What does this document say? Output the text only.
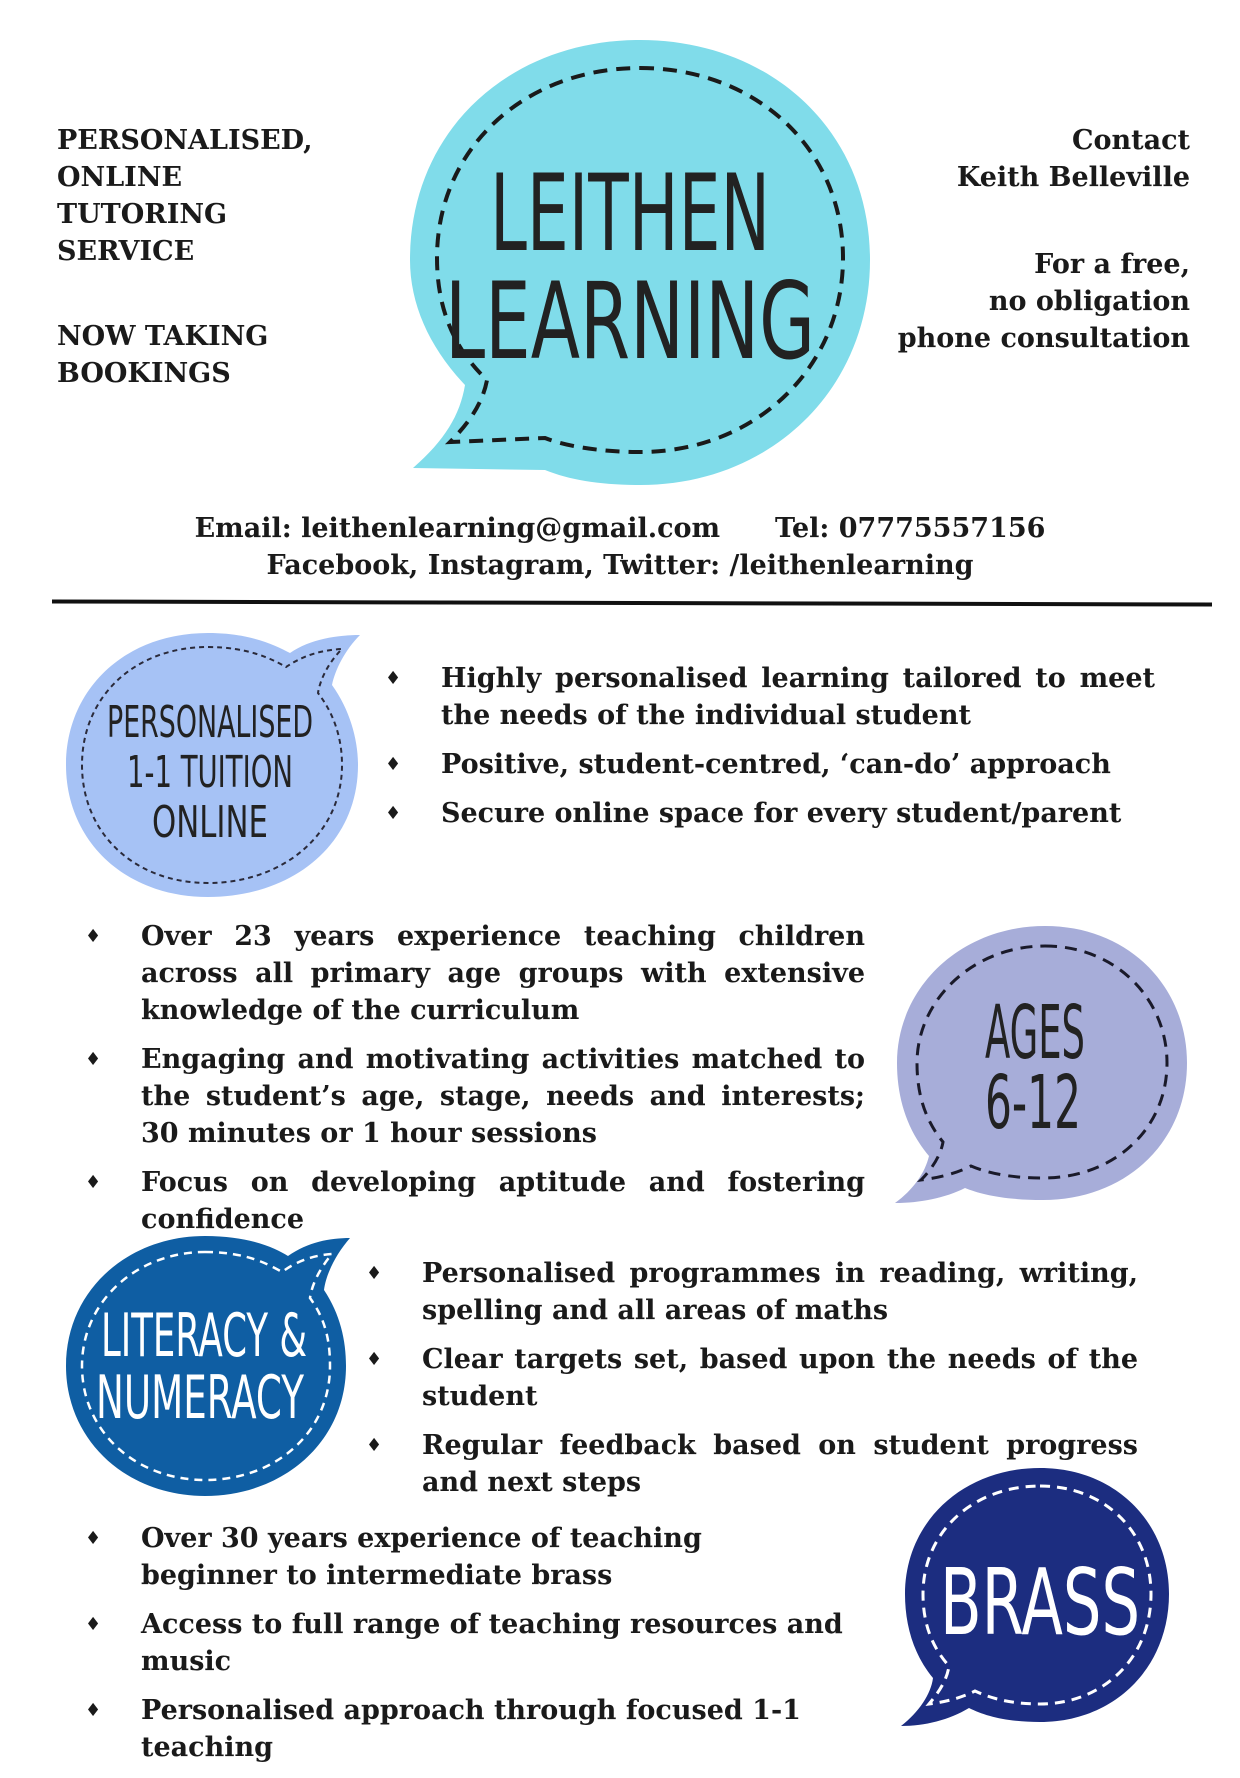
PERSONALISED,
ONLINE
TUTORING
SERVICE
NOW TAKING
BOOKINGS
Contact
Keith Belleville
For a free,
no obligation
phone consultation
LEITHEN
LEARNING
Email: leithenlearning@gmail.com Tel: 07775557156
Facebook, Instagram, Twitter: /leithenlearning
PERSONALISED
1-1 TUITION
ONLINE
♦ Highly personalised learning tailored to meet the needs of the individual student
♦ Positive, student-centred, ‘can-do’ approach
♦ Secure online space for every student/parent
♦ Over 23 years experience teaching children across all primary age groups with extensive knowledge of the curriculum
♦ Engaging and motivating activities matched to the student’s age, stage, needs and interests; 30 minutes or 1 hour sessions
♦ Focus on developing aptitude and fostering confidence
AGES
6-12
LITERACY &
NUMERACY
♦ Personalised programmes in reading, writing, spelling and all areas of maths
♦ Clear targets set, based upon the needs of the student
♦ Regular feedback based on student progress and next steps
♦ Over 30 years experience of teaching beginner to intermediate brass
♦ Access to full range of teaching resources and music
♦ Personalised approach through focused 1-1 teaching
BRASS
